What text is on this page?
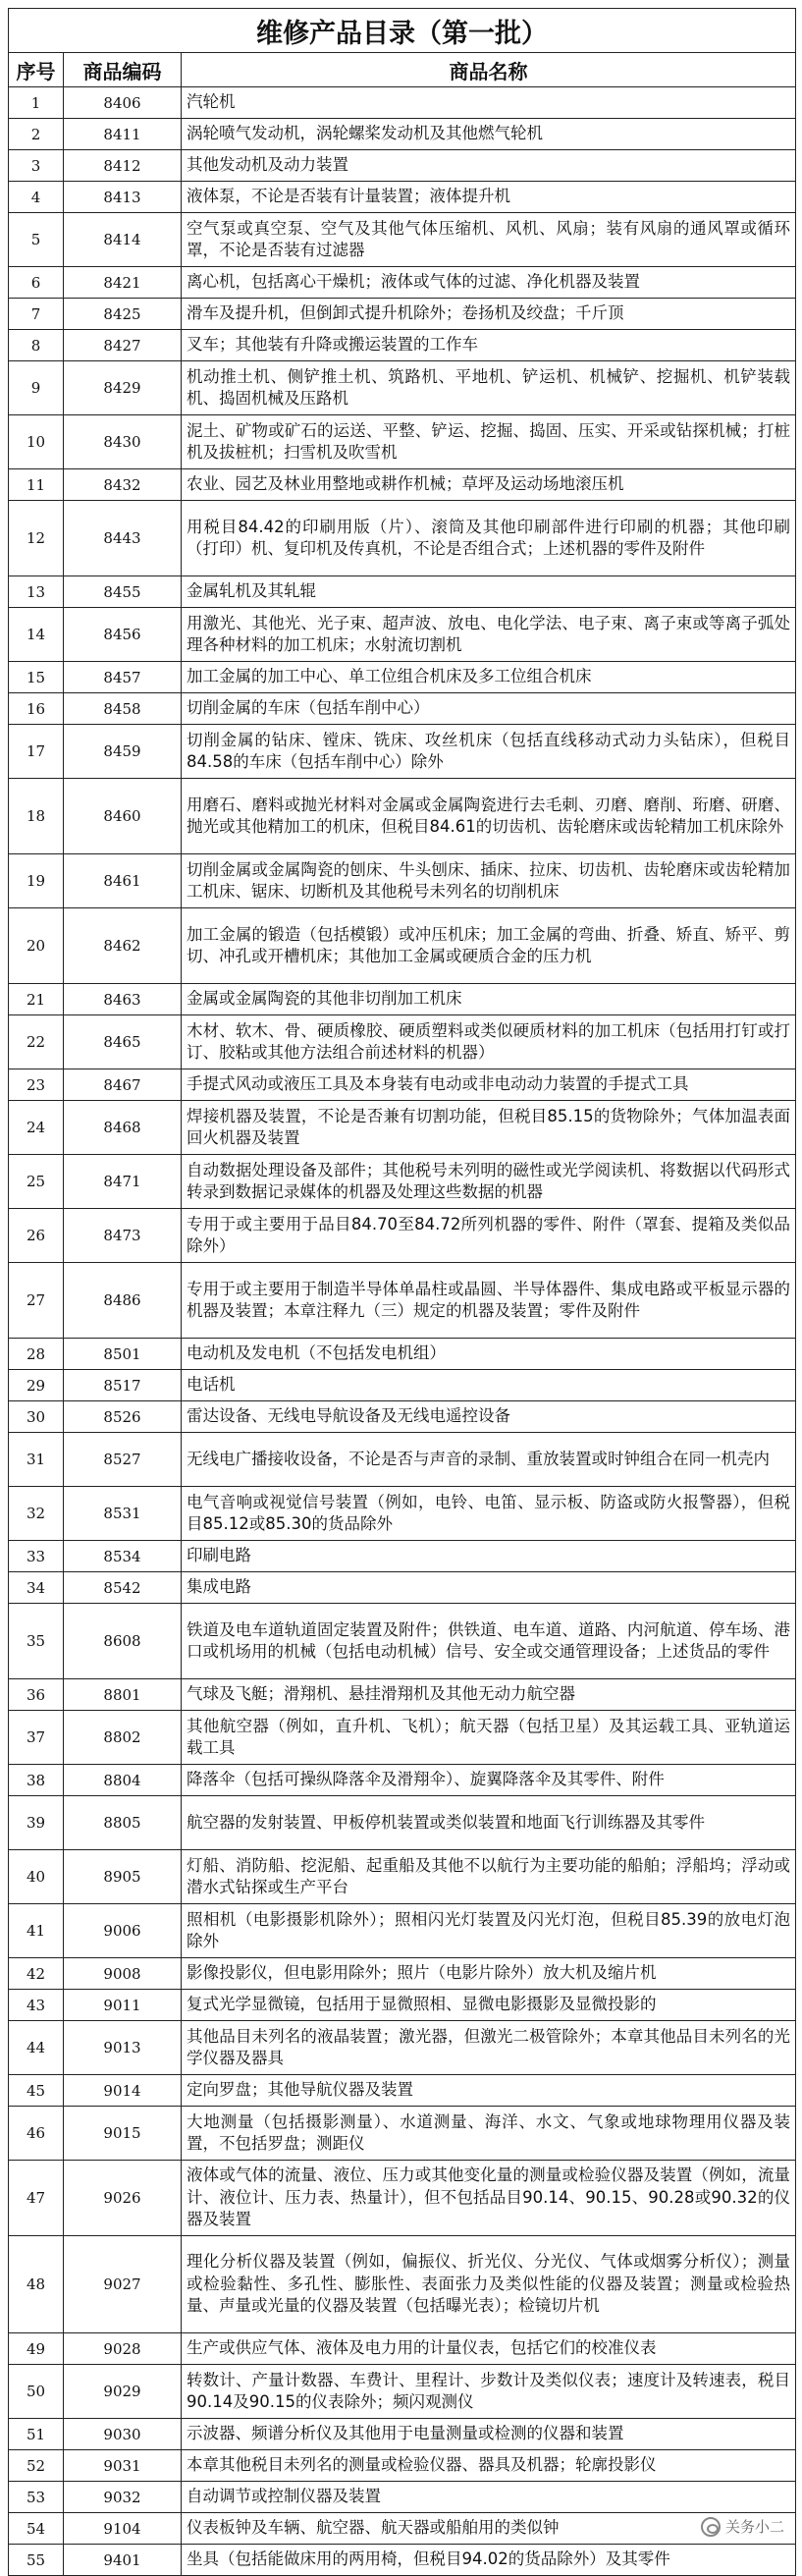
维修产品目录（第一批）		
序号	商品编码	商品名称
1	8406	汽轮机
2	8411	涡轮喷气发动机，涡轮螺桨发动机及其他燃气轮机
3	8412	其他发动机及动力装置
4	8413	液体泵，不论是否装有计量装置；液体提升机
5	8414	空气泵或真空泵、空气及其他气体压缩机、风机、风扇；装有风扇的通风罩或循环罩，不论是否装有过滤器
6	8421	离心机，包括离心干燥机；液体或气体的过滤、净化机器及装置
7	8425	滑车及提升机，但倒卸式提升机除外；卷扬机及绞盘；千斤顶
8	8427	叉车；其他装有升降或搬运装置的工作车
9	8429	机动推土机、侧铲推土机、筑路机、平地机、铲运机、机械铲、挖掘机、机铲装载机、捣固机械及压路机
10	8430	泥土、矿物或矿石的运送、平整、铲运、挖掘、捣固、压实、开采或钻探机械；打桩机及拔桩机；扫雪机及吹雪机
11	8432	农业、园艺及林业用整地或耕作机械；草坪及运动场地滚压机
12	8443	用税目84.42的印刷用版（片）、滚筒及其他印刷部件进行印刷的机器；其他印刷（打印）机、复印机及传真机，不论是否组合式；上述机器的零件及附件
13	8455	金属轧机及其轧辊
14	8456	用激光、其他光、光子束、超声波、放电、电化学法、电子束、离子束或等离子弧处理各种材料的加工机床；水射流切割机
15	8457	加工金属的加工中心、单工位组合机床及多工位组合机床
16	8458	切削金属的车床（包括车削中心）
17	8459	切削金属的钻床、镗床、铣床、攻丝机床（包括直线移动式动力头钻床），但税目84.58的车床（包括车削中心）除外
18	8460	用磨石、磨料或抛光材料对金属或金属陶瓷进行去毛刺、刃磨、磨削、珩磨、研磨、抛光或其他精加工的机床，但税目84.61的切齿机、齿轮磨床或齿轮精加工机床除外
19	8461	切削金属或金属陶瓷的刨床、牛头刨床、插床、拉床、切齿机、齿轮磨床或齿轮精加工机床、锯床、切断机及其他税号未列名的切削机床
20	8462	加工金属的锻造（包括模锻）或冲压机床；加工金属的弯曲、折叠、矫直、矫平、剪切、冲孔或开槽机床；其他加工金属或硬质合金的压力机
21	8463	金属或金属陶瓷的其他非切削加工机床
22	8465	木材、软木、骨、硬质橡胶、硬质塑料或类似硬质材料的加工机床（包括用打钉或打订、胶粘或其他方法组合前述材料的机器）
23	8467	手提式风动或液压工具及本身装有电动或非电动动力装置的手提式工具
24	8468	焊接机器及装置，不论是否兼有切割功能，但税目85.15的货物除外；气体加温表面回火机器及装置
25	8471	自动数据处理设备及部件；其他税号未列明的磁性或光学阅读机、将数据以代码形式转录到数据记录媒体的机器及处理这些数据的机器
26	8473	专用于或主要用于品目84.70至84.72所列机器的零件、附件（罩套、提箱及类似品除外）
27	8486	专用于或主要用于制造半导体单晶柱或晶圆、半导体器件、集成电路或平板显示器的机器及装置；本章注释九（三）规定的机器及装置；零件及附件
28	8501	电动机及发电机（不包括发电机组）
29	8517	电话机
30	8526	雷达设备、无线电导航设备及无线电遥控设备
31	8527	无线电广播接收设备，不论是否与声音的录制、重放装置或时钟组合在同一机壳内
32	8531	电气音响或视觉信号装置（例如，电铃、电笛、显示板、防盗或防火报警器），但税目85.12或85.30的货品除外
33	8534	印刷电路
34	8542	集成电路
35	8608	铁道及电车道轨道固定装置及附件；供铁道、电车道、道路、内河航道、停车场、港口或机场用的机械（包括电动机械）信号、安全或交通管理设备；上述货品的零件
36	8801	气球及飞艇；滑翔机、悬挂滑翔机及其他无动力航空器
37	8802	其他航空器（例如，直升机、飞机）；航天器（包括卫星）及其运载工具、亚轨道运载工具
38	8804	降落伞（包括可操纵降落伞及滑翔伞）、旋翼降落伞及其零件、附件
39	8805	航空器的发射装置、甲板停机装置或类似装置和地面飞行训练器及其零件
40	8905	灯船、消防船、挖泥船、起重船及其他不以航行为主要功能的船舶；浮船坞；浮动或潜水式钻探或生产平台
41	9006	照相机（电影摄影机除外）；照相闪光灯装置及闪光灯泡，但税目85.39的放电灯泡除外
42	9008	影像投影仪，但电影用除外；照片（电影片除外）放大机及缩片机
43	9011	复式光学显微镜，包括用于显微照相、显微电影摄影及显微投影的
44	9013	其他品目未列名的液晶装置；激光器，但激光二极管除外；本章其他品目未列名的光学仪器及器具
45	9014	定向罗盘；其他导航仪器及装置
46	9015	大地测量（包括摄影测量）、水道测量、海洋、水文、气象或地球物理用仪器及装置，不包括罗盘；测距仪
47	9026	液体或气体的流量、液位、压力或其他变化量的测量或检验仪器及装置（例如，流量计、液位计、压力表、热量计），但不包括品目90.14、90.15、90.28或90.32的仪器及装置
48	9027	理化分析仪器及装置（例如，偏振仪、折光仪、分光仪、气体或烟雾分析仪）；测量或检验黏性、多孔性、膨胀性、表面张力及类似性能的仪器及装置；测量或检验热量、声量或光量的仪器及装置（包括曝光表）；检镜切片机
49	9028	生产或供应气体、液体及电力用的计量仪表，包括它们的校准仪表
50	9029	转数计、产量计数器、车费计、里程计、步数计及类似仪表；速度计及转速表，税目90.14及90.15的仪表除外；频闪观测仪
51	9030	示波器、频谱分析仪及其他用于电量测量或检测的仪器和装置
52	9031	本章其他税目未列名的测量或检验仪器、器具及机器；轮廓投影仪
53	9032	自动调节或控制仪器及装置
54	9104	仪表板钟及车辆、航空器、航天器或船舶用的类似钟
55	9401	坐具（包括能做床用的两用椅，但税目94.02的货品除外）及其零件
关务小二
